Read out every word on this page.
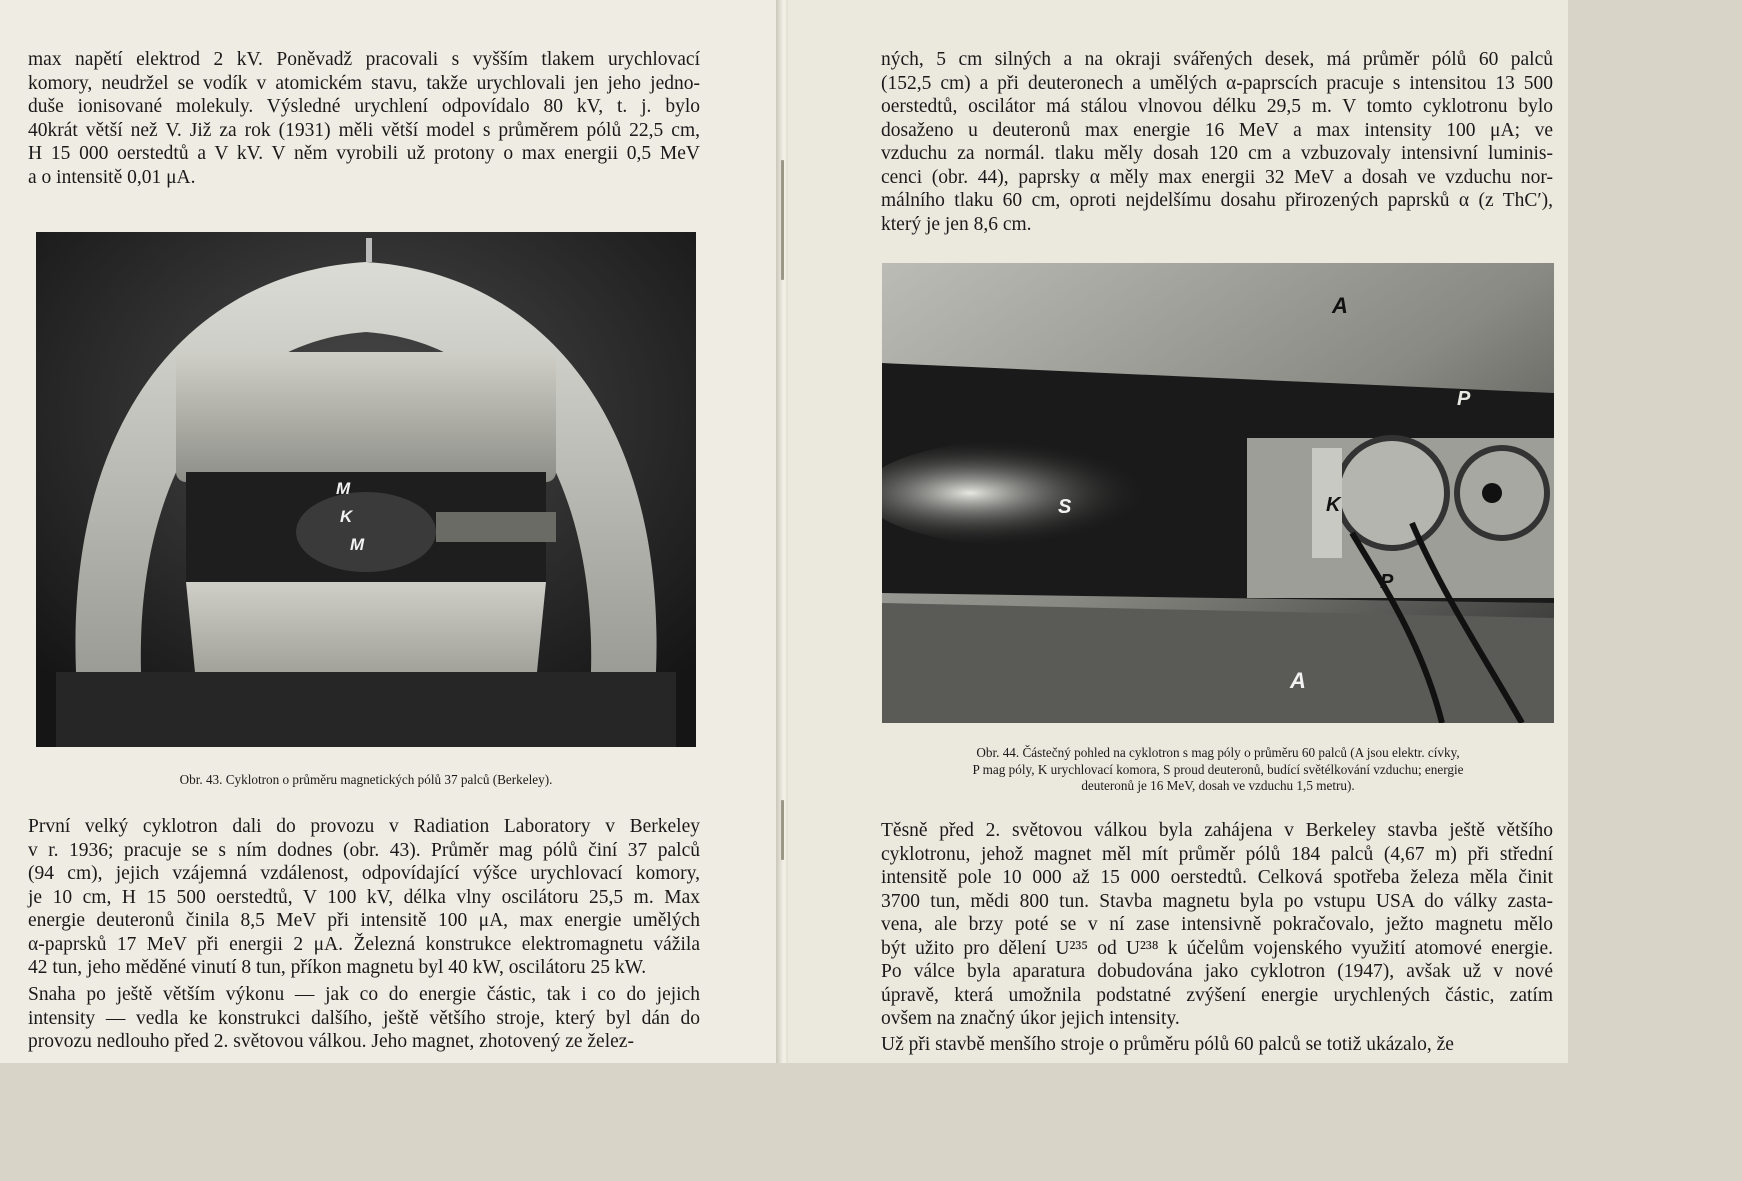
max napětí elektrod 2 kV. Poněvadž pracovali s vyšším tlakem urychlovací
komory, neudržel se vodík v atomickém stavu, takže urychlovali jen jeho jedno-
duše ionisované molekuly. Výsledné urychlení odpovídalo 80 kV, t. j. bylo
40krát větší než V. Již za rok (1931) měli větší model s průměrem pólů 22,5 cm,
H 15 000 oerstedtů a V kV. V něm vyrobili už protony o max energii 0,5 MeV
a o intensitě 0,01 μA.
M
K
M

Obr. 43. Cyklotron o průměru magnetických pólů 37 palců (Berkeley).

První velký cyklotron dali do provozu v Radiation Laboratory v Berkeley
v r. 1936; pracuje se s ním dodnes (obr. 43). Průměr mag pólů činí 37 palců
(94 cm), jejich vzájemná vzdálenost, odpovídající výšce urychlovací komory,
je 10 cm, H 15 500 oerstedtů, V 100 kV, délka vlny oscilátoru 25,5 m. Max
energie deuteronů činila 8,5 MeV při intensitě 100 μA, max energie umělých
α-paprsků 17 MeV při energii 2 μA. Železná konstrukce elektromagnetu vážila
42 tun, jeho měděné vinutí 8 tun, příkon magnetu byl 40 kW, oscilátoru 25 kW.
Snaha po ještě větším výkonu — jak co do energie částic, tak i co do jejich
intensity — vedla ke konstrukci dalšího, ještě většího stroje, který byl dán do
provozu nedlouho před 2. světovou válkou. Jeho magnet, zhotovený ze želez-
ných, 5 cm silných a na okraji svářených desek, má průměr pólů 60 palců
(152,5 cm) a při deuteronech a umělých α-paprscích pracuje s intensitou 13 500
oerstedtů, oscilátor má stálou vlnovou délku 29,5 m. V tomto cyklotronu bylo
dosaženo u deuteronů max energie 16 MeV a max intensity 100 μA; ve
vzduchu za normál. tlaku měly dosah 120 cm a vzbuzovaly intensivní luminis-
cenci (obr. 44), paprsky α měly max energii 32 MeV a dosah ve vzduchu nor-
málního tlaku 60 cm, oproti nejdelšímu dosahu přirozených paprsků α (z ThC′),
který je jen 8,6 cm.
A
P
S	K
P
A
Obr. 44. Částečný pohled na cyklotron s mag póly o průměru 60 palců (A jsou elektr. cívky,
P mag póly, K urychlovací komora, S proud deuteronů, budící světélkování vzduchu; energie
deuteronů je 16 MeV, dosah ve vzduchu 1,5 metru).
Těsně před 2. světovou válkou byla zahájena v Berkeley stavba ještě většího
cyklotronu, jehož magnet měl mít průměr pólů 184 palců (4,67 m) při střední
intensitě pole 10 000 až 15 000 oerstedtů. Celková spotřeba železa měla činit
3700 tun, mědi 800 tun. Stavba magnetu byla po vstupu USA do války zasta-
vena, ale brzy poté se v ní zase intensivně pokračovalo, ježto magnetu mělo
být užito pro dělení U²³⁵ od U²³⁸ k účelům vojenského využití atomové energie.
Po válce byla aparatura dobudována jako cyklotron (1947), avšak už v nové
úpravě, která umožnila podstatné zvýšení energie urychlených částic, zatím
ovšem na značný úkor jejich intensity.
Už při stavbě menšího stroje o průměru pólů 60 palců se totiž ukázalo, že
